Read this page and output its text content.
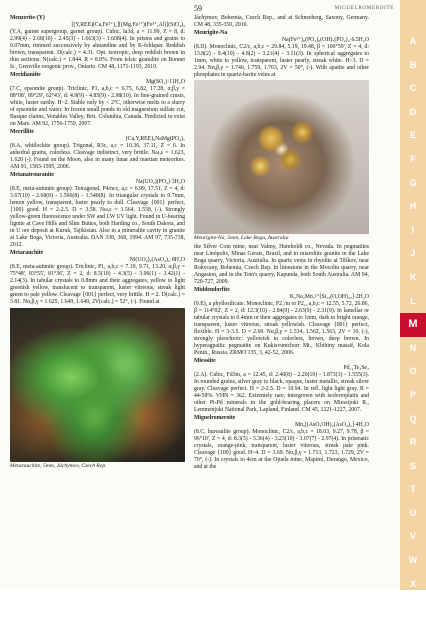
59	MIGUELROMEROITE
Menzerite-(Y)
[(Y,REE)(Ca,Fe²⁺)₂][(Mg,Fe²⁺)(Fe³⁺,Al)](SiO₄)₃
(Y,A, garnet supergroup, garnet group). Cubic, Ia3d, a = 11.99, Z = 8, d: 2.99(4) - 2.68(10) - 2.45(3) - 1.663(3) - 1.608(4). In prisms and grains to 0.07mm, rimmed successively by almandine and by K-feldspar. Reddish brown, transparent. D(calc.) = 4.31. Opt. isotropic, deep reddish brown in thin sections. N(calc.) = 1.844. R = 8.8%. From felsic granulite on Bonnet Is., Grenville orogenic prov., Ontario. CM 48, 1171-1193, 2010.
Meridianiite
Mg(SO₄)·11H₂O
(7.C, epsomite group). Triclinic, P1, a,b,c = 6.75, 6.82, 17.28, α,β,γ = 88°08', 89°29', 62°43', d: 4.9(9) - 4.85(9) - 2.98(10). In fine-grained crusts, white, luster earthy. H~2. Stable only by < 2°C, otherwise melts to a slurry of epsomite and water. In frozen small ponds in old magnesium sulfate cut, Basque claims, Venables Valley, Brit. Columbia, Canada. Predicted to exist on Mars. AM 92, 1756-1759, 2007.
Merrillite
(Ca,Y,REE)₉NaMg(PO₄)₇
(8.A, whitlockite group). Trigonal, R3c, a,c = 10.36, 37.11, Z = 6. In anhedral grains, colorless. Cleavage indistinct, very brittle. Nω,ε = 1.623, 1.620 (-). Found on the Moon, also in many lunar and martian meteorites. AM 91, 1583-1595, 2006.
Metanatrouranite
Na(UO₂)(PO₄)·3H₂O
(8.E, meta-autunite group). Tetragonal, P4/ncc, a,c = 6.99, 17.51, Z = 4, d: 3.67(10) - 2.68(8) - 1.566(8) - 1.540(8). In triangular crystals to 0.7mm, lemon yellow, transparent, luster pearly to dull. Cleavage {001} perfect, {100} good. H = 2-2.5. D = 3.58. Nω,ε = 1.564, 1.558, (-). Strongly yellow-green fluorescence under SW and LW UV light. Found in U-bearing lignite at Cave Hills and Slim Buttes, both Harding co., South Dakota, and in U ore deposit at Kuruk, Tajikistan. Also in a mineralite cavity in granite at Lake Boga, Victoria, Australia. DAN 338, 368, 1994. AM 97, 735-738, 2012.
Metarauchite
Ni(UO₂)₂(AsO₄)₂·8H₂O
(8.E, meta-autunite group). Triclinic, P1, a,b,c = 7.19, 9.71, 13.20, α,β,γ = 75°48', 83°55', 81°36', Z = 2, d: 8.5(10) - 4.3(5) - 3.96(1) - 3.42(1) - 2.14(3). In tabular crystals to 0.8mm and their aggregates, yellow to light greenish yellow, translucent to transparent, luster vitreous, streak light green to pale yellow. Cleavage {001} perfect, very brittle. H = 2. D(calc.) = 3.81. Nα,β,γ = 1.625, 1.649, 1.649, 2V(calc.) = 52°, (-). Found at
Metarauchite, 5mm, Jáchymov, Czech Rep.
Jáchymov, Bohemia, Czech Rep., and at Schneeberg, Saxony, Germany. CM 48, 335-350, 2010.
Meurigite-Na
Na(Fe³⁺)₈(PO₄)₆(OH)₇(PO₄)₂·6.5H₂O
(8.D). Monoclinic, C2/c, a,b,c = 29.84, 5.19, 19.48, β = 106°59', Z = 4, d: 13.8(2) - 9.4(10) - 4.8(2) - 3.21(4) - 3.11(3). In spherical aggregates to 1mm, white to yellow, transparent, luster pearly, streak white. H~3. D = 2.94. Nα,β,γ = 1.740, 1.759, 1.763, 2V = 50°, (-). With apatite and other phosphates in quartz-barite veins at
Meurigite-Na, 5mm, Lake Boga, Australia
the Silver Coin mine, near Valmy, Humboldt co., Nevada. In pegmatites near Linópolis, Minas Gerais, Brazil, and in miarolitic granite in the Lake Boga quarry, Victoria, Australia. In quartz veins in rhyolite at Těškov, near Rokycany, Bohemia, Czech Rep. In limestone in the Mocoltu quarry, near Angaston, and in the Tom's quarry, Kapunda, both South Australia. AM 94, 720-727, 2009.
Middendorfite
K₃Na₂Mn₅²⁺[Si₁₂(O,OH)₃₂]·2H₂O
(9.E), a phyllosilicate. Monoclinic, P2₁/m or P2₁, a,b,c = 12.55, 5.72, 26.86, β = 114°02', Z = 2, d: 12.3(10) - 2.84(9) - 2.63(9) - 2.31(9). In lamellar or tabular crystals to 0.4mm or their aggregates to 1mm, dark to bright orange, transparent, luster vitreous, streak yellowish. Cleavage {001} perfect, flexible. H = 3-3.5. D = 2.60. Nα,β,γ = 1.534, 1.562, 1.563, 2V = 10, (-), strongly pleochroic: yellowish to colorless, brown, deep brown. In hyperagpaitic pegmatite on Kukisvumchorr Mt., Khibiny massif, Kola Penin., Russia. ZRMO 135, 3, 42-52, 2006.
Miessiite
Pd₁₁Te₂Se₂
(2.A). Cubic, Fd3m, a = 12.45, d: 2.40(8) - 2.20(10) - 1.873(3) - 1.555(3). In rounded grains, silver gray to black, opaque, luster metallic, streak silver gray. Cleavage perfect. H = 2-2.5. D = 10.94. In refl. light light gray. R = 44-58%. VHN = 362. Extremely rare, intergrown with isoferroplatin and other Pt-Pd minerals in the gold-bearing placers on Miessijoki R., Lemmenjoki National Park, Lapland, Finland. CM 45, 1221-1227, 2007.
Miguelromeroite
Mn₅[(AsO₃OH)₂(AsO₄)₂]·4H₂O
(8.C, hureaulite group). Monoclinic, C2/c, a,b,c = 18.03, 9.27, 9.78, β = 96°10', Z = 4, d: 8.3(5) - 3.36(4) - 3.23(10) - 3.07(7) - 2.97(4). In prismatic crystals, orange-pink, transparent, luster vitreous, streak pale pink. Cleavage {100} good. H~4. D = 3.69. Nα,β,γ = 1.713, 1.723, 1.729, 2V = 70°, (-). In crystals to 4cm at the Ojuela mine, Mapimí, Durango, Mexico, and at the
A
B
C
D
E
F
G
H
I
J
K
L
M
N
O
P
Q
R
S
T
U
V
W
X
Y
Z
